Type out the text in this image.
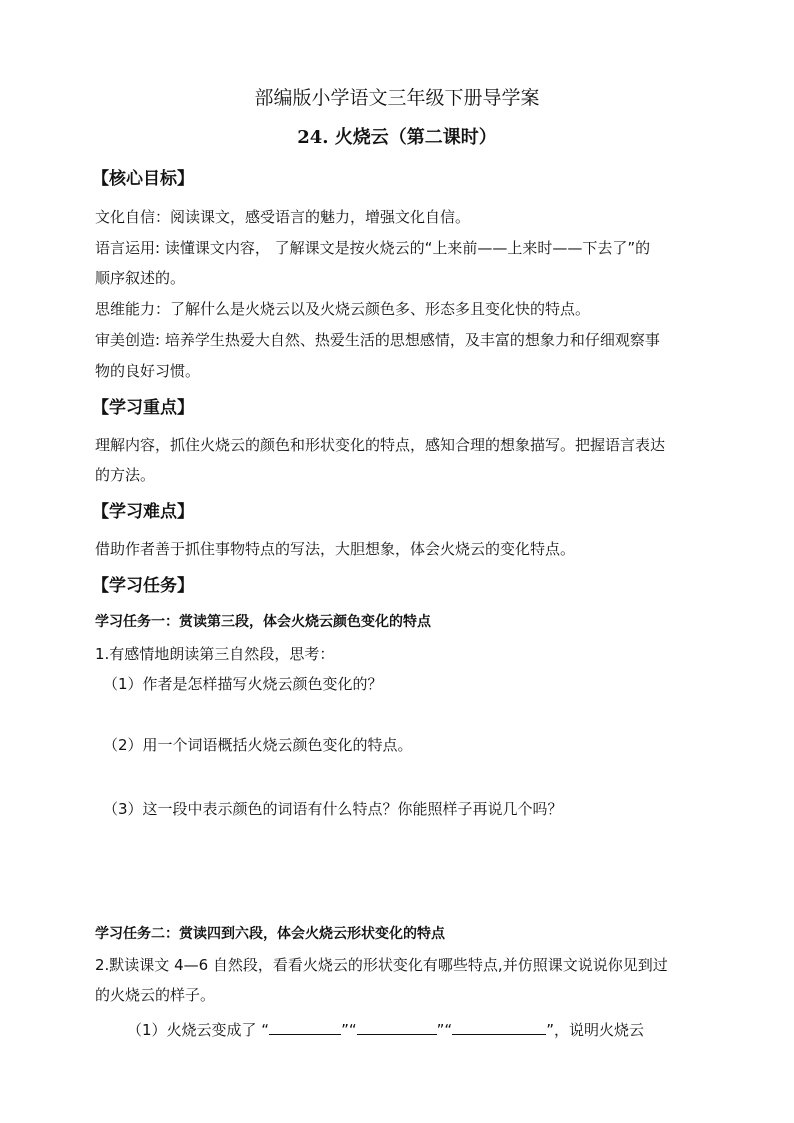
部编版小学语文三年级下册导学案
24. 火烧云（第二课时）
【核心目标】
文化自信：阅读课文，感受语言的魅力，增强文化自信。
语言运用: 读懂课文内容， 了解课文是按火烧云的“上来前——上来时——下去了”的
顺序叙述的。
思维能力：了解什么是火烧云以及火烧云颜色多、形态多且变化快的特点。
审美创造: 培养学生热爱大自然、热爱生活的思想感情，及丰富的想象力和仔细观察事
物的良好习惯。
【学习重点】
理解内容，抓住火烧云的颜色和形状变化的特点，感知合理的想象描写。把握语言表达
的方法。
【学习难点】
借助作者善于抓住事物特点的写法，大胆想象，体会火烧云的变化特点。
【学习任务】
学习任务一：赏读第三段，体会火烧云颜色变化的特点
1.有感情地朗读第三自然段，思考：
（1）作者是怎样描写火烧云颜色变化的？
（2）用一个词语概括火烧云颜色变化的特点。
（3）这一段中表示颜色的词语有什么特点？你能照样子再说几个吗？
学习任务二：赏读四到六段，体会火烧云形状变化的特点
2.默读课文 4—6 自然段，看看火烧云的形状变化有哪些特点,并仿照课文说说你见到过
的火烧云的样子。
（1）火烧云变成了 “	”“	”“	”，说明火烧云
